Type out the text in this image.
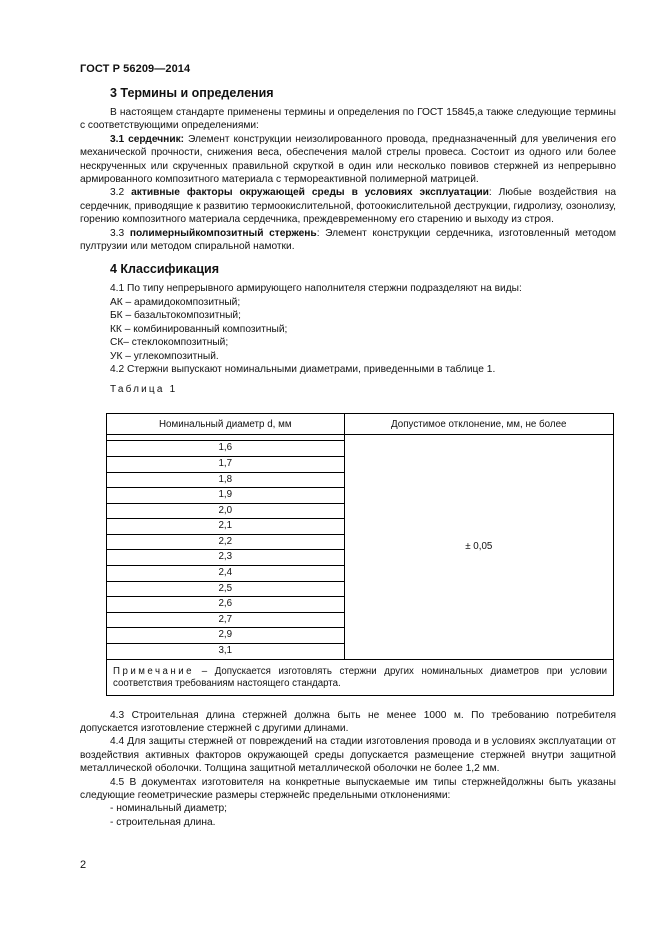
ГОСТ Р 56209—2014
3 Термины и определения

В настоящем стандарте применены термины и определения по ГОСТ 15845,а также следующие термины с соответствующими определениями:

3.1 сердечник: Элемент конструкции неизолированного провода, предназначенный для увеличения его механической прочности, снижения веса, обеспечения малой стрелы провеса. Состоит из одного или более нескрученных или скрученных правильной скруткой в один или несколько повивов стержней из непрерывно армированного композитного материала с термореактивной полимерной матрицей.

3.2 активные факторы окружающей среды в условиях эксплуатации: Любые воздействия на сердечник, приводящие к развитию термоокислительной, фотоокислительной деструкции, гидролизу, озонолизу, горению композитного материала сердечника, преждевременному его старению и выходу из строя.

3.3 полимерныйкомпозитный стержень: Элемент конструкции сердечника, изготовленный методом пултрузии или методом спиральной намотки.

4 Классификация

4.1 По типу непрерывного армирующего наполнителя стержни подразделяют на виды:

АК – арамидокомпозитный;

БК – базальтокомпозитный;

КК – комбинированный композитный;

СК– стеклокомпозитный;

УК – углекомпозитный.

4.2 Стержни выпускают номинальными диаметрами, приведенными в таблице 1.

Таблица 1
Номинальный диаметр d, мм	Допустимое отклонение, мм, не более
	± 0,05
1,6	
1,7	
1,8	
1,9	
2,0	
2,1	
2,2	
2,3	
2,4	
2,5	
2,6	
2,7	
2,9	
3,1	
Примечание – Допускается изготовлять стержни других номинальных диаметров при условии соответствия требованиям настоящего стандарта.	

4.3 Строительная длина стержней должна быть не менее 1000 м. По требованию потребителя допускается изготовление стержней с другими длинами.

4.4 Для защиты стержней от повреждений на стадии изготовления провода и в условиях эксплуатации от воздействия активных факторов окружающей среды допускается размещение стержней внутри защитной металлической оболочки. Толщина защитной металлической оболочки не более 1,2 мм.

4.5 В документах изготовителя на конкретные выпускаемые им типы стержнейдолжны быть указаны следующие геометрические размеры стержнейс предельными отклонениями:

- номинальный диаметр;

- строительная длина.

2
